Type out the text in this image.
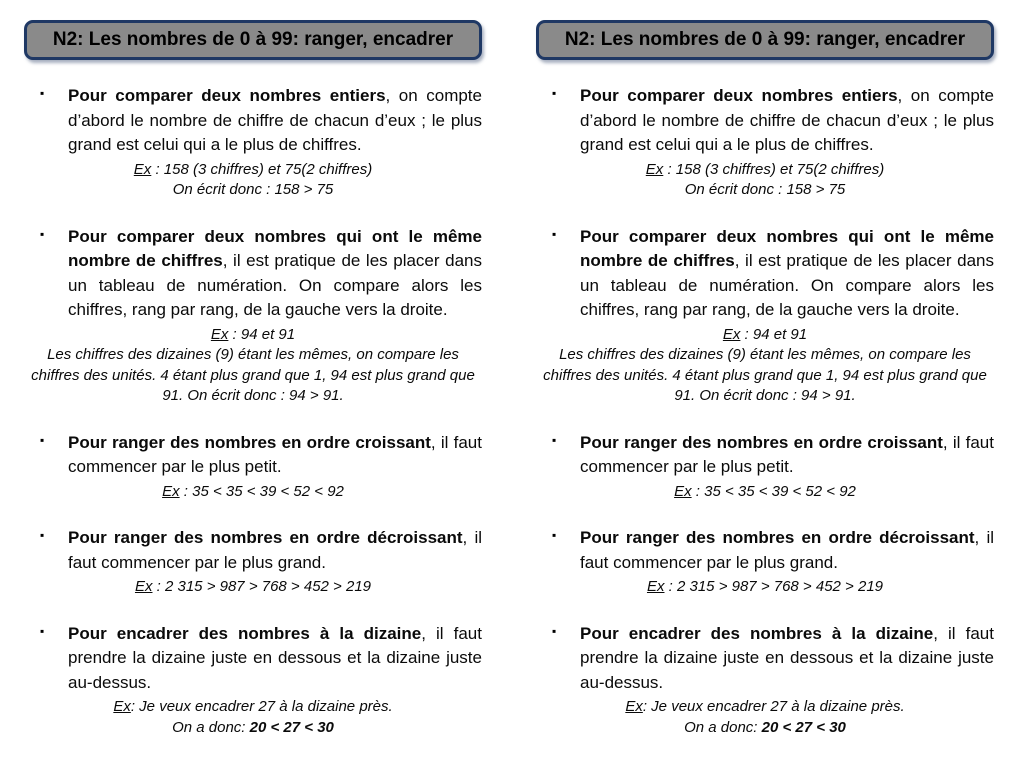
N2: Les nombres de 0 à 99: ranger, encadrer
▪	Pour comparer deux nombres entiers, on compte d’abord le nombre de chiffre de chacun d’eux ; le plus grand est celui qui a le plus de chiffres.

Ex : 158 (3 chiffres) et 75(2 chiffres)

On écrit donc : 158 > 75

▪	Pour comparer deux nombres qui ont le même nombre de chiffres, il est pratique de les placer dans un tableau de numération. On compare alors les chiffres, rang par rang, de la gauche vers la droite.

Ex : 94 et 91

Les chiffres des dizaines (9) étant les mêmes, on compare les chiffres des unités. 4 étant plus grand que 1, 94 est plus grand que 91. On écrit donc : 94 > 91.

▪	Pour ranger des nombres en ordre croissant, il faut commencer par le plus petit.

Ex : 35 < 35 < 39 < 52 < 92

▪	Pour ranger des nombres en ordre décroissant, il faut commencer par le plus grand.

Ex : 2 315 > 987 > 768 > 452 > 219

▪	Pour encadrer des nombres à la dizaine, il faut prendre la dizaine juste en dessous et la dizaine juste au-dessus.

Ex: Je veux encadrer 27 à la dizaine près.

On a donc: 20 < 27 < 30

N2: Les nombres de 0 à 99: ranger, encadrer
▪	Pour comparer deux nombres entiers, on compte d’abord le nombre de chiffre de chacun d’eux ; le plus grand est celui qui a le plus de chiffres.

Ex : 158 (3 chiffres) et 75(2 chiffres)

On écrit donc : 158 > 75

▪	Pour comparer deux nombres qui ont le même nombre de chiffres, il est pratique de les placer dans un tableau de numération. On compare alors les chiffres, rang par rang, de la gauche vers la droite.

Ex : 94 et 91

Les chiffres des dizaines (9) étant les mêmes, on compare les chiffres des unités. 4 étant plus grand que 1, 94 est plus grand que 91. On écrit donc : 94 > 91.

▪	Pour ranger des nombres en ordre croissant, il faut commencer par le plus petit.

Ex : 35 < 35 < 39 < 52 < 92

▪	Pour ranger des nombres en ordre décroissant, il faut commencer par le plus grand.

Ex : 2 315 > 987 > 768 > 452 > 219

▪	Pour encadrer des nombres à la dizaine, il faut prendre la dizaine juste en dessous et la dizaine juste au-dessus.

Ex: Je veux encadrer 27 à la dizaine près.

On a donc: 20 < 27 < 30
